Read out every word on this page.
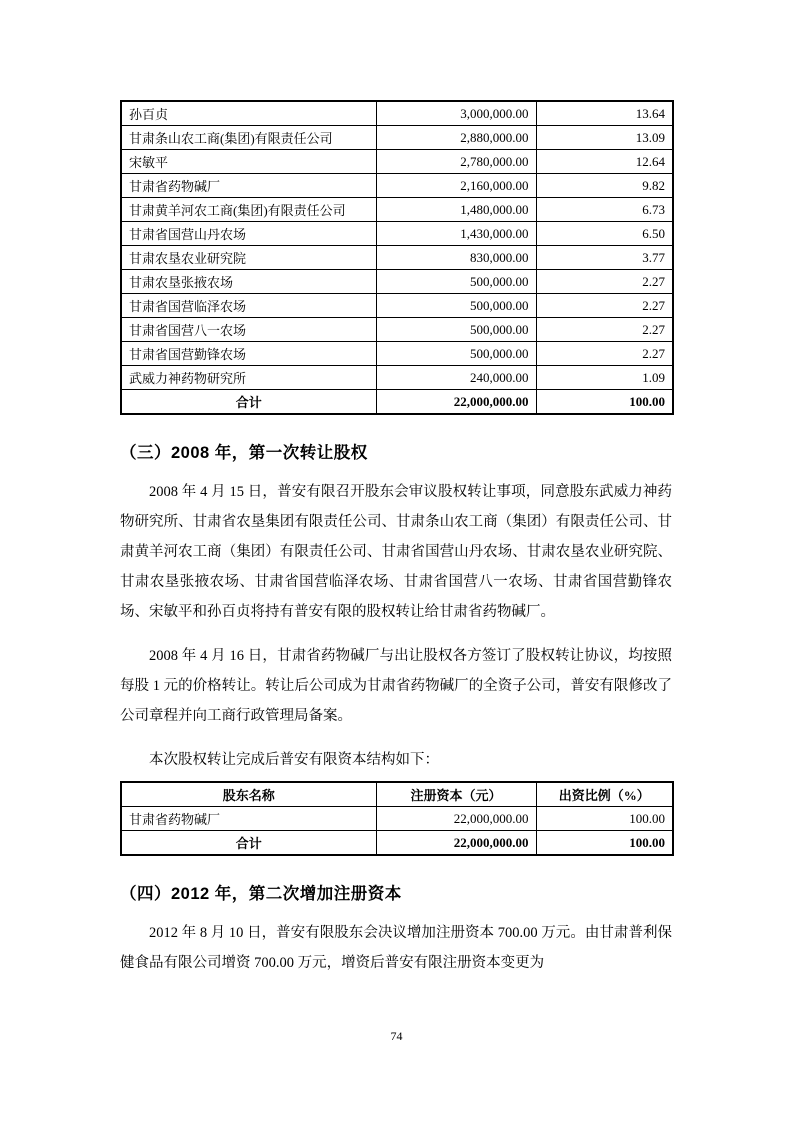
孙百贞	3,000,000.00	13.64
甘肃条山农工商(集团)有限责任公司	2,880,000.00	13.09
宋敏平	2,780,000.00	12.64
甘肃省药物碱厂	2,160,000.00	9.82
甘肃黄羊河农工商(集团)有限责任公司	1,480,000.00	6.73
甘肃省国营山丹农场	1,430,000.00	6.50
甘肃农垦农业研究院	830,000.00	3.77
甘肃农垦张掖农场	500,000.00	2.27
甘肃省国营临泽农场	500,000.00	2.27
甘肃省国营八一农场	500,000.00	2.27
甘肃省国营勤锋农场	500,000.00	2.27
武威力神药物研究所	240,000.00	1.09
合计	22,000,000.00	100.00
（三）2008 年，第一次转让股权

2008 年 4 月 15 日，普安有限召开股东会审议股权转让事项，同意股东武威力神药物研究所、甘肃省农垦集团有限责任公司、甘肃条山农工商（集团）有限责任公司、甘肃黄羊河农工商（集团）有限责任公司、甘肃省国营山丹农场、甘肃农垦农业研究院、甘肃农垦张掖农场、甘肃省国营临泽农场、甘肃省国营八一农场、甘肃省国营勤锋农场、宋敏平和孙百贞将持有普安有限的股权转让给甘肃省药物碱厂。

2008 年 4 月 16 日，甘肃省药物碱厂与出让股权各方签订了股权转让协议，均按照每股 1 元的价格转让。转让后公司成为甘肃省药物碱厂的全资子公司，普安有限修改了公司章程并向工商行政管理局备案。

本次股权转让完成后普安有限资本结构如下：

股东名称	注册资本（元）	出资比例（%）
甘肃省药物碱厂	22,000,000.00	100.00
合计	22,000,000.00	100.00
（四）2012 年，第二次增加注册资本

2012 年 8 月 10 日，普安有限股东会决议增加注册资本 700.00 万元。由甘肃普利保健食品有限公司增资 700.00 万元，增资后普安有限注册资本变更为

74
